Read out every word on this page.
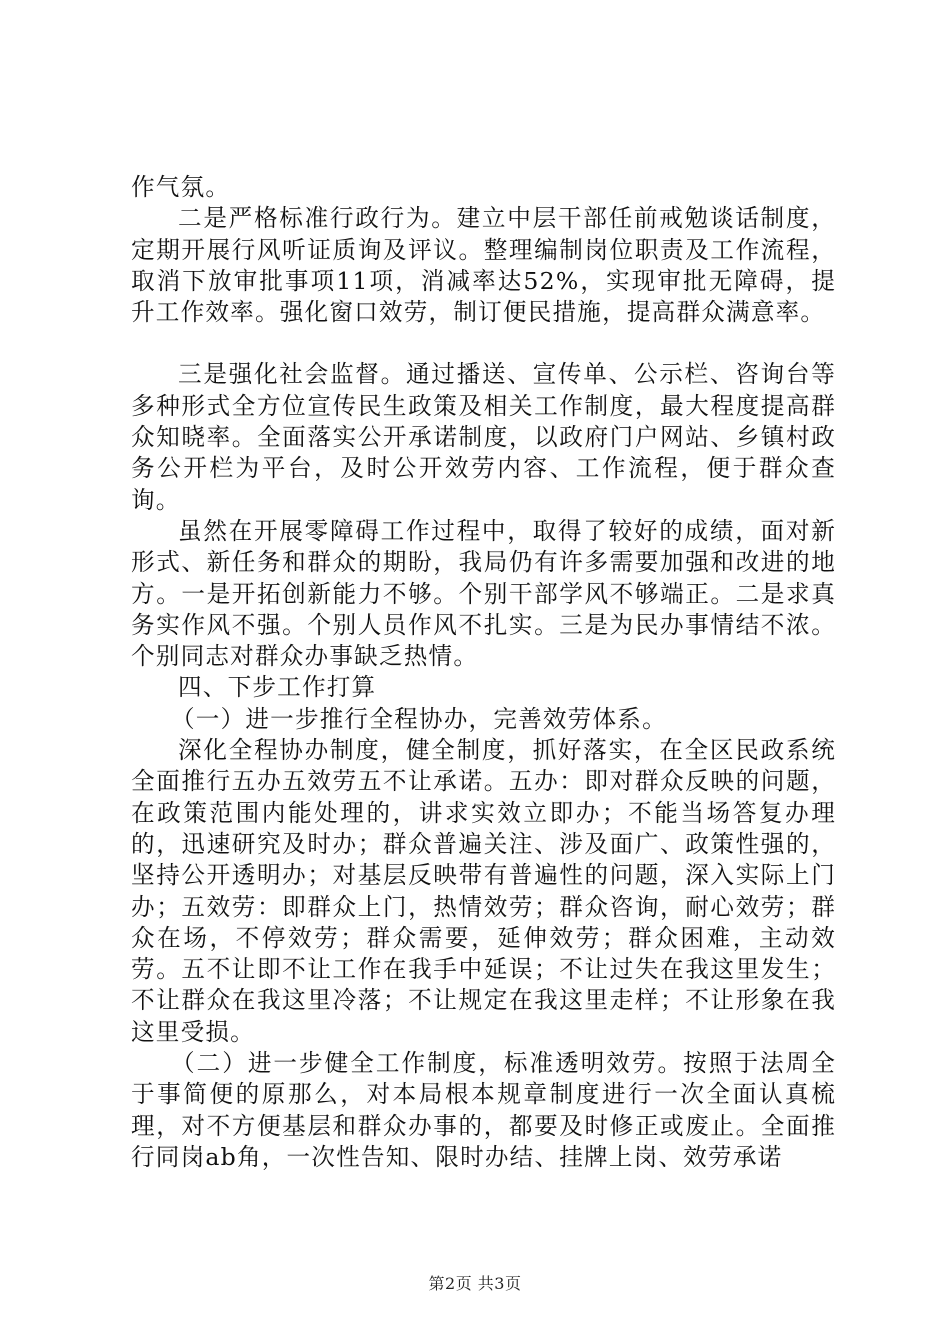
作气氛。

二是严格标准行政行为。建立中层干部任前戒勉谈话制度，定期开展行风听证质询及评议。整理编制岗位职责及工作流程，取消下放审批事项11项，消减率达52%，实现审批无障碍，提升工作效率。强化窗口效劳，制订便民措施，提高群众满意率。

三是强化社会监督。通过播送、宣传单、公示栏、咨询台等多种形式全方位宣传民生政策及相关工作制度，最大程度提高群众知晓率。全面落实公开承诺制度，以政府门户网站、乡镇村政务公开栏为平台，及时公开效劳内容、工作流程，便于群众查询。

虽然在开展零障碍工作过程中，取得了较好的成绩，面对新形式、新任务和群众的期盼，我局仍有许多需要加强和改进的地方。一是开拓创新能力不够。个别干部学风不够端正。二是求真务实作风不强。个别人员作风不扎实。三是为民办事情结不浓。个别同志对群众办事缺乏热情。

四、下步工作打算

（一）进一步推行全程协办，完善效劳体系。

深化全程协办制度，健全制度，抓好落实，在全区民政系统全面推行五办五效劳五不让承诺。五办：即对群众反映的问题，在政策范围内能处理的，讲求实效立即办；不能当场答复办理的，迅速研究及时办；群众普遍关注、涉及面广、政策性强的，坚持公开透明办；对基层反映带有普遍性的问题，深入实际上门办；五效劳：即群众上门，热情效劳；群众咨询，耐心效劳；群众在场，不停效劳；群众需要，延伸效劳；群众困难，主动效劳。五不让即不让工作在我手中延误；不让过失在我这里发生；不让群众在我这里冷落；不让规定在我这里走样；不让形象在我这里受损。

（二）进一步健全工作制度，标准透明效劳。按照于法周全于事简便的原那么，对本局根本规章制度进行一次全面认真梳理，对不方便基层和群众办事的，都要及时修正或废止。全面推行同岗ab角，一次性告知、限时办结、挂牌上岗、效劳承诺

第2页 共3页
